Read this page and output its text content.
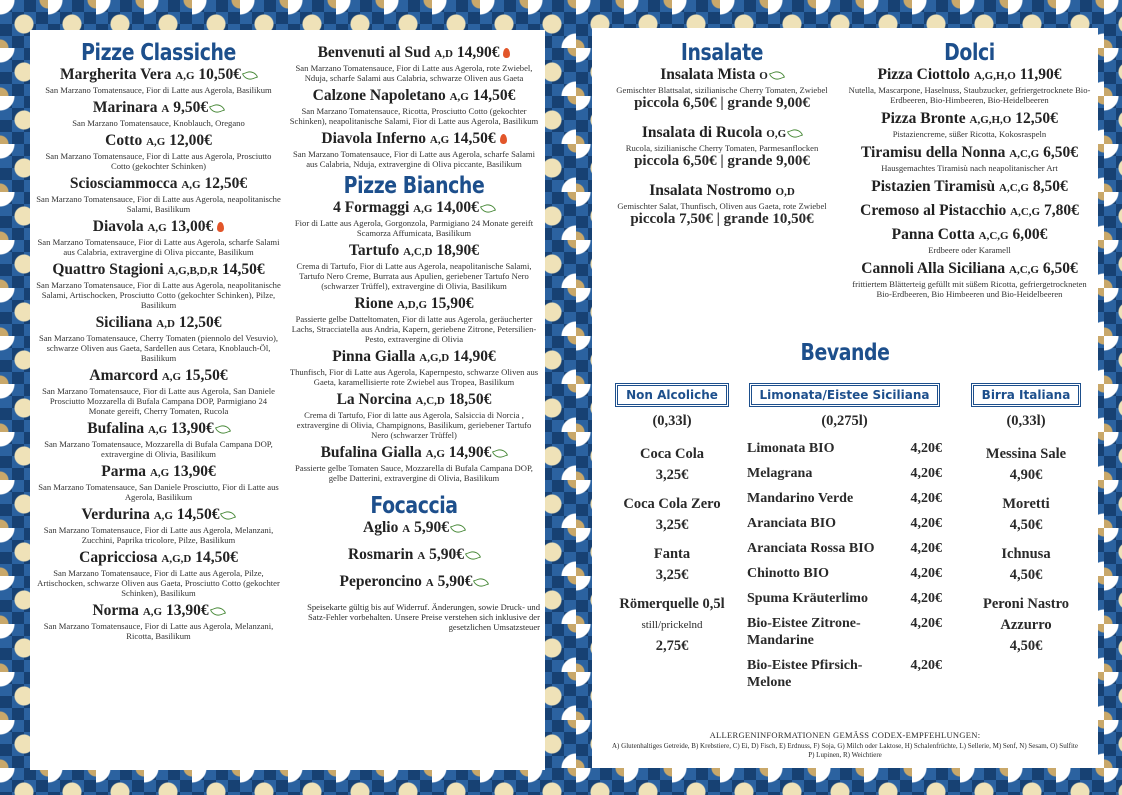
Pizze Classiche
Margherita Vera A,G 10,50€
San Marzano Tomatensauce, Fior di Latte aus Agerola, Basilikum
Marinara A 9,50€
San Marzano Tomatensauce, Knoblauch, Oregano
Cotto A,G 12,00€
San Marzano Tomatensauce, Fior di Latte aus Agerola, Prosciutto Cotto (gekochter Schinken)
Sciosciammocca A,G 12,50€
San Marzano Tomatensauce, Fior di Latte aus Agerola, neapolitanische Salami, Basilikum
Diavola A,G 13,00€
San Marzano Tomatensauce, Fior di Latte aus Agerola, scharfe Salami aus Calabria, extravergine di Oliva piccante, Basilikum
Quattro Stagioni A,G,B,D,R 14,50€
San Marzano Tomatensauce, Fior di Latte aus Agerola, neapolitanische Salami, Artischocken, Prosciutto Cotto (gekochter Schinken), Pilze, Basilikum
Siciliana A,D 12,50€
San Marzano Tomatensauce, Cherry Tomaten (piennolo del Vesuvio), schwarze Oliven aus Gaeta, Sardellen aus Cetara, Knoblauch-Öl, Basilikum
Amarcord A,G 15,50€
San Marzano Tomatensauce, Fior di Latte aus Agerola, San Daniele Prosciutto Mozzarella di Bufala Campana DOP, Parmigiano 24 Monate gereift, Cherry Tomaten, Rucola
Bufalina A,G 13,90€
San Marzano Tomatensauce, Mozzarella di Bufala Campana DOP, extravergine di Olivia, Basilikum
Parma A,G 13,90€
San Marzano Tomatensauce, San Daniele Prosciutto, Fior di Latte aus Agerola, Basilikum
Verdurina A,G 14,50€
San Marzano Tomatensauce, Fior di Latte aus Agerola, Melanzani, Zucchini, Paprika tricolore, Pilze, Basilikum
Capricciosa A,G,D 14,50€
San Marzano Tomatensauce, Fior di Latte aus Agerola, Pilze, Artischocken, schwarze Oliven aus Gaeta, Prosciutto Cotto (gekochter Schinken), Basilikum
Norma A,G 13,90€
San Marzano Tomatensauce, Fior di Latte aus Agerola, Melanzani, Ricotta, Basilikum
Benvenuti al Sud A,D 14,90€
San Marzano Tomatensauce, Fior di Latte aus Agerola, rote Zwiebel, Nduja, scharfe Salami aus Calabria, schwarze Oliven aus Gaeta
Calzone Napoletano A,G 14,50€
San Marzano Tomatensauce, Ricotta, Prosciutto Cotto (gekochter Schinken), neapolitanische Salami, Fior di Latte aus Agerola, Basilikum
Diavola Inferno A,G 14,50€
San Marzano Tomatensauce, Fior di Latte aus Agerola, scharfe Salami aus Calabria, Nduja, extravergine di Oliva piccante, Basilikum
Pizze Bianche
4 Formaggi A,G 14,00€
Fior di Latte aus Agerola, Gorgonzola, Parmigiano 24 Monate gereift Scamorza Affumicata, Basilikum
Tartufo A,C,D 18,90€
Crema di Tartufo, Fior di Latte aus Agerola, neapolitanische Salami, Tartufo Nero Creme, Burrata aus Apulien, geriebener Tartufo Nero (schwarzer Trüffel), extravergine di Olivia, Basilikum
Rione A,D,G 15,90€
Passierte gelbe Datteltomaten, Fior di latte aus Agerola, geräucherter Lachs, Stracciatella aus Andria, Kapern, geriebene Zitrone, Petersilien-Pesto, extravergine di Olivia
Pinna Gialla A,G,D 14,90€
Thunfisch, Fior di Latte aus Agerola, Kapernpesto, schwarze Oliven aus Gaeta, karamellisierte rote Zwiebel aus Tropea, Basilikum
La Norcina A,C,D 18,50€
Crema di Tartufo, Fior di latte aus Agerola, Salsiccia di Norcia , extravergine di Olivia, Champignons, Basilikum, geriebener Tartufo Nero (schwarzer Trüffel)
Bufalina Gialla A,G 14,90€
Passierte gelbe Tomaten Sauce, Mozzarella di Bufala Campana DOP, gelbe Datterini, extravergine di Olivia, Basilikum
Focaccia
Aglio A 5,90€
Rosmarin A 5,90€
Peperoncino A 5,90€
Speisekarte gültig bis auf Widerruf. Änderungen, sowie Druck- und Satz-Fehler vorbehalten. Unsere Preise verstehen sich inklusive der gesetzlichen Umsatzsteuer
Insalate
Insalata Mista O
Gemischter Blattsalat, sizilianische Cherry Tomaten, Zwiebel
piccola 6,50€ | grande 9,00€
Insalata di Rucola O,G
Rucola, sizilianische Cherry Tomaten, Parmesanflocken
piccola 6,50€ | grande 9,00€
Insalata Nostromo O,D
Gemischter Salat, Thunfisch, Oliven aus Gaeta, rote Zwiebel
piccola 7,50€ | grande 10,50€
Dolci
Pizza Ciottolo A,G,H,O 11,90€
Nutella, Mascarpone, Haselnuss, Staubzucker, gefriergetrocknete Bio-Erdbeeren, Bio-Himbeeren, Bio-Heidelbeeren
Pizza Bronte A,G,H,O 12,50€
Pistaziencreme, süßer Ricotta, Kokosraspeln
Tiramisu della Nonna A,C,G 6,50€
Hausgemachtes Tiramisù nach neapolitanischer Art
Pistazien Tiramisù A,C,G 8,50€
Cremoso al Pistacchio A,C,G 7,80€
Panna Cotta A,C,G 6,00€
Erdbeere oder Karamell
Cannoli Alla Siciliana A,C,G 6,50€
frittiertem Blätterteig gefüllt mit süßem Ricotta, gefriergetrockneten Bio-Erdbeeren, Bio Himbeeren und Bio-Heidelbeeren
Bevande
Non Alcoliche
(0,33l)
Coca Cola
3,25€
Coca Cola Zero
3,25€
Fanta
3,25€
Römerquelle 0,5l
still/prickelnd
2,75€
Limonata/Eistee Siciliana
(0,275l)
Limonata BIO	4,20€
Melagrana	4,20€
Mandarino Verde	4,20€
Aranciata BIO	4,20€
Aranciata Rossa BIO	4,20€
Chinotto BIO	4,20€
Spuma Kräuterlimo	4,20€
Bio-Eistee Zitrone-Mandarine
4,20€
Bio-Eistee Pfirsich-Melone
4,20€
Birra Italiana
(0,33l)
Messina Sale
4,90€
Moretti
4,50€
Ichnusa
4,50€
Peroni Nastro Azzurro
4,50€
ALLERGENINFORMATIONEN GEMÄSS CODEX-EMPFEHLUNGEN:
A) Glutenhaltiges Getreide, B) Krebstiere, C) Ei, D) Fisch, E) Erdnuss, F) Soja, G) Milch oder Laktose, H) Schalenfrüchte, L) Sellerie, M) Senf, N) Sesam, O) Sulfite P) Lupinen, R) Weichtiere
